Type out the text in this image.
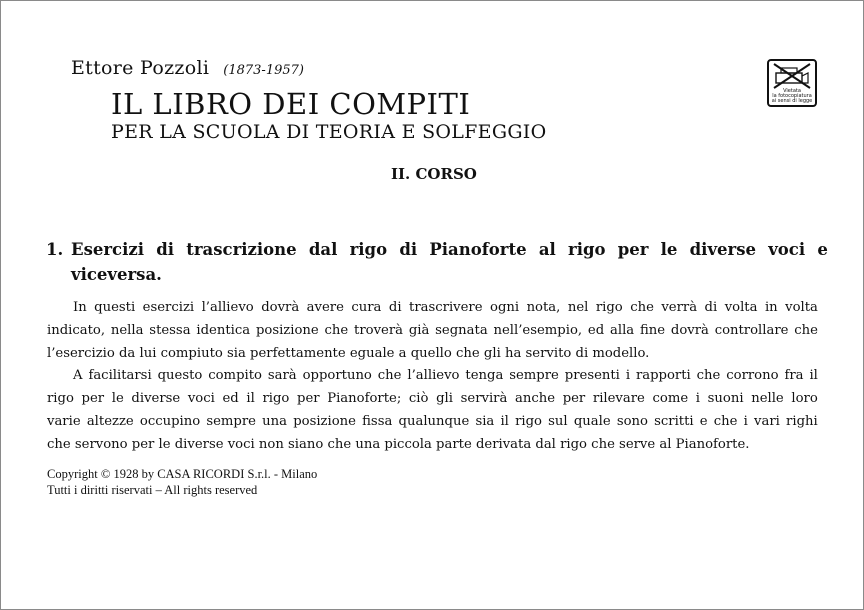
Ettore Pozzoli (1873-1957)
IL LIBRO DEI COMPITI
PER LA SCUOLA DI TEORIA E SOLFEGGIO
II. CORSO
Vietata
la fotocopiatura
ai sensi di legge
1. Esercizi di trascrizione dal rigo di Pianoforte al rigo per le diverse voci e
viceversa.
In questi esercizi l’allievo dovrà avere cura di trascrivere ogni nota, nel rigo che verrà di volta in volta
indicato, nella stessa identica posizione che troverà già segnata nell’esempio, ed alla fine dovrà controllare che
l’esercizio da lui compiuto sia perfettamente eguale a quello che gli ha servito di modello.
A facilitarsi questo compito sarà opportuno che l’allievo tenga sempre presenti i rapporti che corrono fra il
rigo per le diverse voci ed il rigo per Pianoforte; ciò gli servirà anche per rilevare come i suoni nelle loro
varie altezze occupino sempre una posizione fissa qualunque sia il rigo sul quale sono scritti e che i vari righi
che servono per le diverse voci non siano che una piccola parte derivata dal rigo che serve al Pianoforte.
Copyright © 1928 by CASA RICORDI S.r.l. - Milano
Tutti i diritti riservati – All rights reserved
